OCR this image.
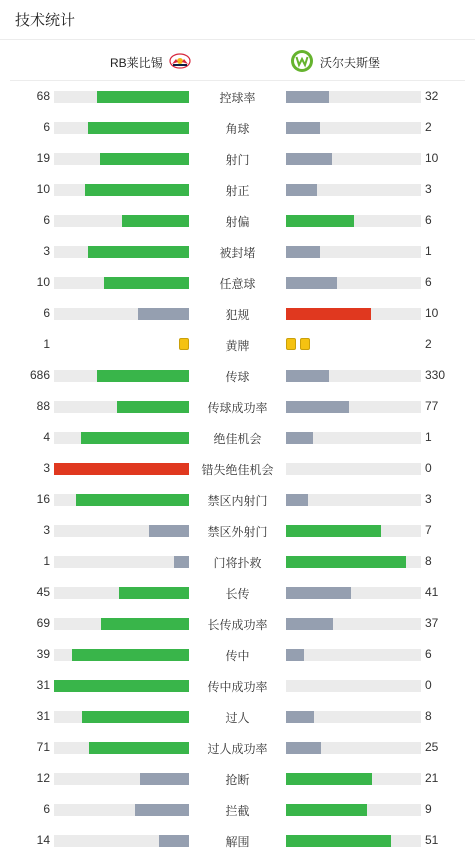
技术统计
RB莱比锡	沃尔夫斯堡
68	控球率	32
6	角球	2
19	射门	10
10	射正	3
6	射偏	6
3	被封堵	1
10	任意球	6
6	犯规	10
1	黄牌	2
686	传球	330
88	传球成功率	77
4	绝佳机会	1
3	错失绝佳机会	0
16	禁区内射门	3
3	禁区外射门	7
1	门将扑救	8
45	长传	41
69	长传成功率	37
39	传中	6
31	传中成功率	0
31	过人	8
71	过人成功率	25
12	抢断	21
6	拦截	9
14	解围	51
